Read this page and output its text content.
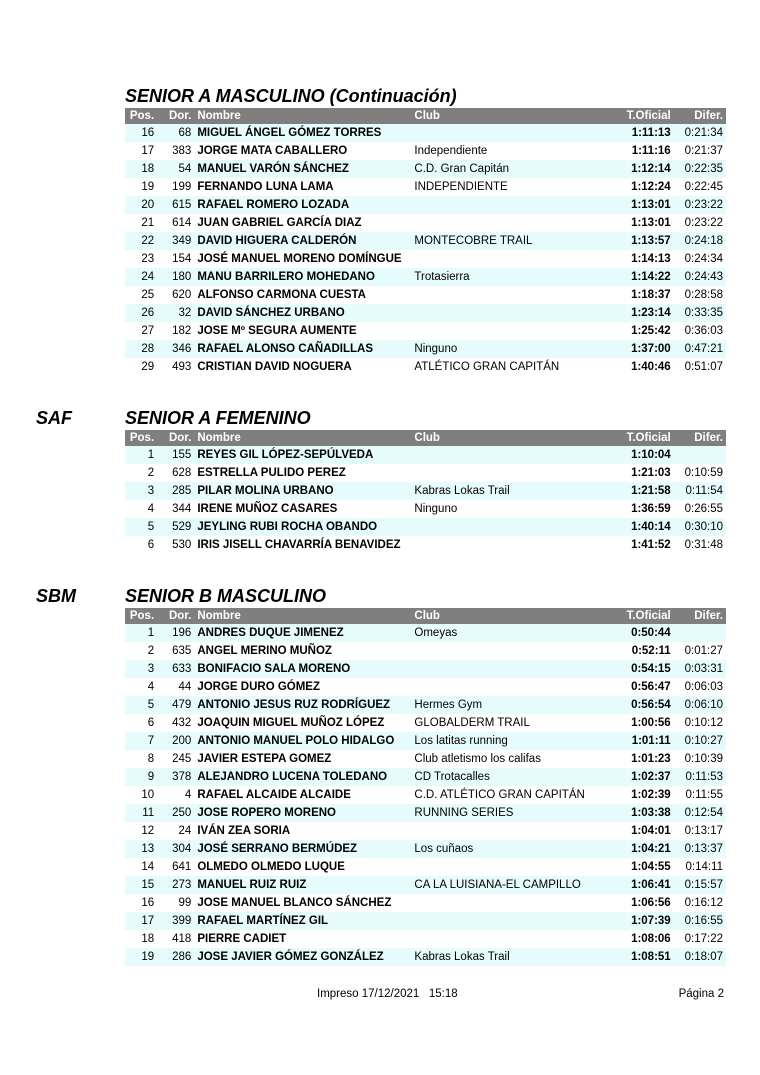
SENIOR A MASCULINO (Continuación)
Pos.	Dor.	Nombre	Club	T.Oficial	Difer.
16	68	MIGUEL ÁNGEL GÓMEZ TORRES		1:11:13	0:21:34
17	383	JORGE MATA CABALLERO	Independiente	1:11:16	0:21:37
18	54	MANUEL VARÓN SÁNCHEZ	C.D. Gran Capitán	1:12:14	0:22:35
19	199	FERNANDO LUNA LAMA	INDEPENDIENTE	1:12:24	0:22:45
20	615	RAFAEL ROMERO LOZADA		1:13:01	0:23:22
21	614	JUAN GABRIEL GARCÍA DIAZ		1:13:01	0:23:22
22	349	DAVID HIGUERA CALDERÓN	MONTECOBRE TRAIL	1:13:57	0:24:18
23	154	JOSÉ MANUEL MORENO DOMÍNGUE		1:14:13	0:24:34
24	180	MANU BARRILERO MOHEDANO	Trotasierra	1:14:22	0:24:43
25	620	ALFONSO CARMONA CUESTA		1:18:37	0:28:58
26	32	DAVID SÁNCHEZ URBANO		1:23:14	0:33:35
27	182	JOSE Mº SEGURA AUMENTE		1:25:42	0:36:03
28	346	RAFAEL ALONSO CAÑADILLAS	Ninguno	1:37:00	0:47:21
29	493	CRISTIAN DAVID NOGUERA	ATLÉTICO GRAN CAPITÁN	1:40:46	0:51:07
SAF	SENIOR A FEMENINO
Pos.	Dor.	Nombre	Club	T.Oficial	Difer.
1	155	REYES GIL LÓPEZ-SEPÚLVEDA		1:10:04	
2	628	ESTRELLA PULIDO PEREZ		1:21:03	0:10:59
3	285	PILAR MOLINA URBANO	Kabras Lokas Trail	1:21:58	0:11:54
4	344	IRENE MUÑOZ CASARES	Ninguno	1:36:59	0:26:55
5	529	JEYLING RUBI ROCHA OBANDO		1:40:14	0:30:10
6	530	IRIS JISELL CHAVARRÍA BENAVIDEZ		1:41:52	0:31:48
SBM	SENIOR B MASCULINO
Pos.	Dor.	Nombre	Club	T.Oficial	Difer.
1	196	ANDRES DUQUE JIMENEZ	Omeyas	0:50:44	
2	635	ANGEL MERINO MUÑOZ		0:52:11	0:01:27
3	633	BONIFACIO SALA MORENO		0:54:15	0:03:31
4	44	JORGE DURO GÓMEZ		0:56:47	0:06:03
5	479	ANTONIO JESUS RUZ RODRÍGUEZ	Hermes Gym	0:56:54	0:06:10
6	432	JOAQUIN MIGUEL MUÑOZ LÓPEZ	GLOBALDERM TRAIL	1:00:56	0:10:12
7	200	ANTONIO MANUEL POLO HIDALGO	Los latitas running	1:01:11	0:10:27
8	245	JAVIER ESTEPA GOMEZ	Club atletismo los califas	1:01:23	0:10:39
9	378	ALEJANDRO LUCENA TOLEDANO	CD Trotacalles	1:02:37	0:11:53
10	4	RAFAEL ALCAIDE ALCAIDE	C.D. ATLÉTICO GRAN CAPITÁN	1:02:39	0:11:55
11	250	JOSE ROPERO MORENO	RUNNING SERIES	1:03:38	0:12:54
12	24	IVÁN ZEA SORIA		1:04:01	0:13:17
13	304	JOSÉ SERRANO BERMÚDEZ	Los cuñaos	1:04:21	0:13:37
14	641	OLMEDO OLMEDO LUQUE		1:04:55	0:14:11
15	273	MANUEL RUIZ RUIZ	CA LA LUISIANA-EL CAMPILLO	1:06:41	0:15:57
16	99	JOSE MANUEL BLANCO SÁNCHEZ		1:06:56	0:16:12
17	399	RAFAEL MARTÍNEZ GIL		1:07:39	0:16:55
18	418	PIERRE CADIET		1:08:06	0:17:22
19	286	JOSE JAVIER GÓMEZ GONZÁLEZ	Kabras Lokas Trail	1:08:51	0:18:07
Impreso 17/12/2021   15:18	Página 2
